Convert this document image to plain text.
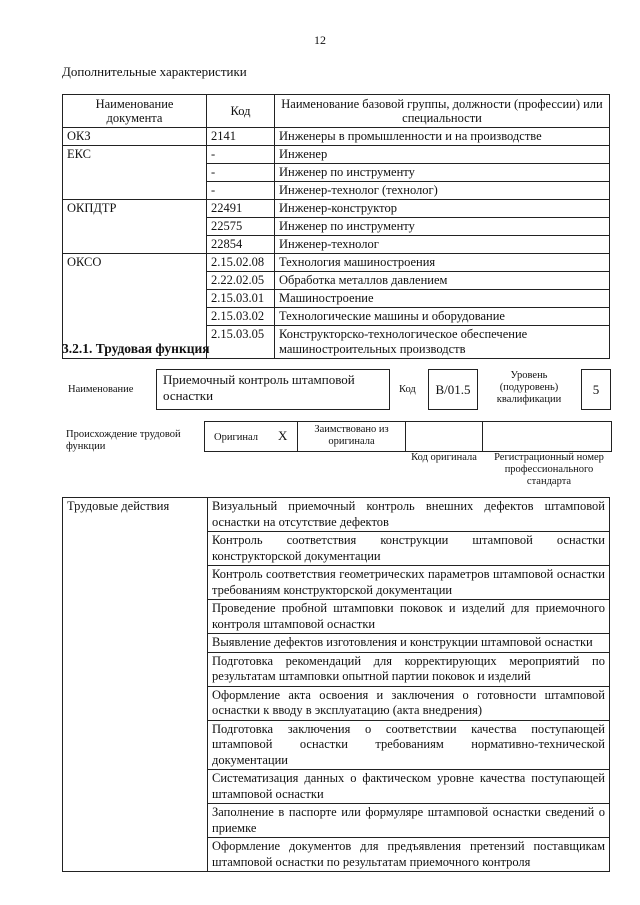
12
Дополнительные характеристики
Наименование документа	Код	Наименование базовой группы, должности (профессии) или специальности
ОКЗ	2141	Инженеры в промышленности и на производстве
ЕКС	-	Инженер
	-	Инженер по инструменту
	-	Инженер-технолог (технолог)
ОКПДТР	22491	Инженер-конструктор
	22575	Инженер по инструменту
	22854	Инженер-технолог
ОКСО	2.15.02.08	Технология машиностроения
	2.22.02.05	Обработка металлов давлением
	2.15.03.01	Машиностроение
	2.15.03.02	Технологические машины и оборудование
	2.15.03.05	Конструкторско-технологическое обеспечение машиностроительных производств
3.2.1. Трудовая функция
Наименование
Приемочный контроль штамповой оснастки	Код	B/01.5
Уровень (подуровень) квалификации
5
Происхождение трудовой функции
Оригинал X	Заимствовано из оригинала
Код оригинала	Регистрационный номер профессионального стандарта
Трудовые действия	Визуальный приемочный контроль внешних дефектов штамповой оснастки на отсутствие дефектов
Контроль соответствия конструкции штамповой оснастки конструкторской документации
Контроль соответствия геометрических параметров штамповой оснастки требованиям конструкторской документации
Проведение пробной штамповки поковок и изделий для приемочного контроля штамповой оснастки
Выявление дефектов изготовления и конструкции штамповой оснастки
Подготовка рекомендаций для корректирующих мероприятий по результатам штамповки опытной партии поковок и изделий
Оформление акта освоения и заключения о готовности штамповой оснастки к вводу в эксплуатацию (акта внедрения)
Подготовка заключения о соответствии качества поступающей штамповой оснастки требованиям нормативно-технической документации
Систематизация данных о фактическом уровне качества поступающей штамповой оснастки
Заполнение в паспорте или формуляре штамповой оснастки сведений о приемке
Оформление документов для предъявления претензий поставщикам штамповой оснастки по результатам приемочного контроля
